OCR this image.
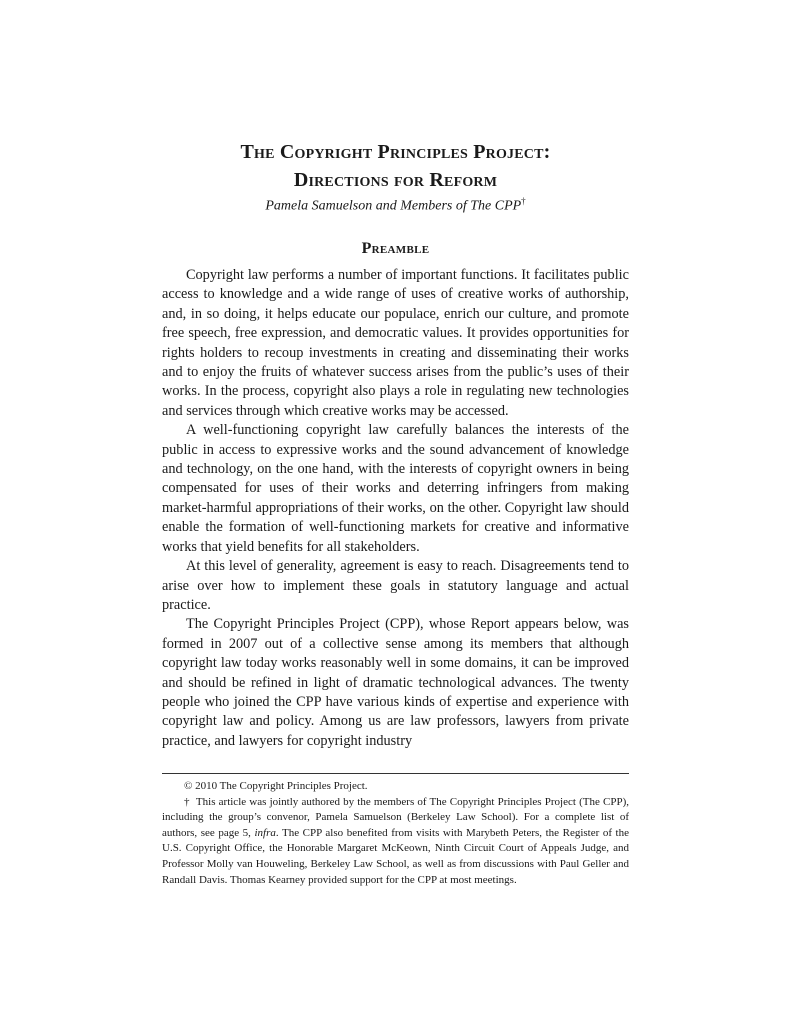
The Copyright Principles Project:
Directions for Reform

Pamela Samuelson and Members of The CPP†

Preamble

Copyright law performs a number of important functions. It facilitates public access to knowledge and a wide range of uses of creative works of authorship, and, in so doing, it helps educate our populace, enrich our culture, and promote free speech, free expression, and democratic values. It provides opportunities for rights holders to recoup investments in creating and disseminating their works and to enjoy the fruits of whatever success arises from the public’s uses of their works. In the process, copyright also plays a role in regulating new technologies and services through which creative works may be accessed.

A well-functioning copyright law carefully balances the interests of the public in access to expressive works and the sound advancement of knowledge and technology, on the one hand, with the interests of copyright owners in being compensated for uses of their works and deterring infringers from making market-harmful appropriations of their works, on the other. Copyright law should enable the formation of well-functioning markets for creative and informative works that yield benefits for all stakeholders.

At this level of generality, agreement is easy to reach. Disagreements tend to arise over how to implement these goals in statutory language and actual practice.

The Copyright Principles Project (CPP), whose Report appears below, was formed in 2007 out of a collective sense among its members that although copyright law today works reasonably well in some domains, it can be improved and should be refined in light of dramatic technological advances. The twenty people who joined the CPP have various kinds of expertise and experience with copyright law and policy. Among us are law professors, lawyers from private practice, and lawyers for copyright industry

© 2010 The Copyright Principles Project.

† This article was jointly authored by the members of The Copyright Principles Project (The CPP), including the group’s convenor, Pamela Samuelson (Berkeley Law School). For a complete list of authors, see page 5, infra. The CPP also benefited from visits with Marybeth Peters, the Register of the U.S. Copyright Office, the Honorable Margaret McKeown, Ninth Circuit Court of Appeals Judge, and Professor Molly van Houweling, Berkeley Law School, as well as from discussions with Paul Geller and Randall Davis. Thomas Kearney provided support for the CPP at most meetings.
